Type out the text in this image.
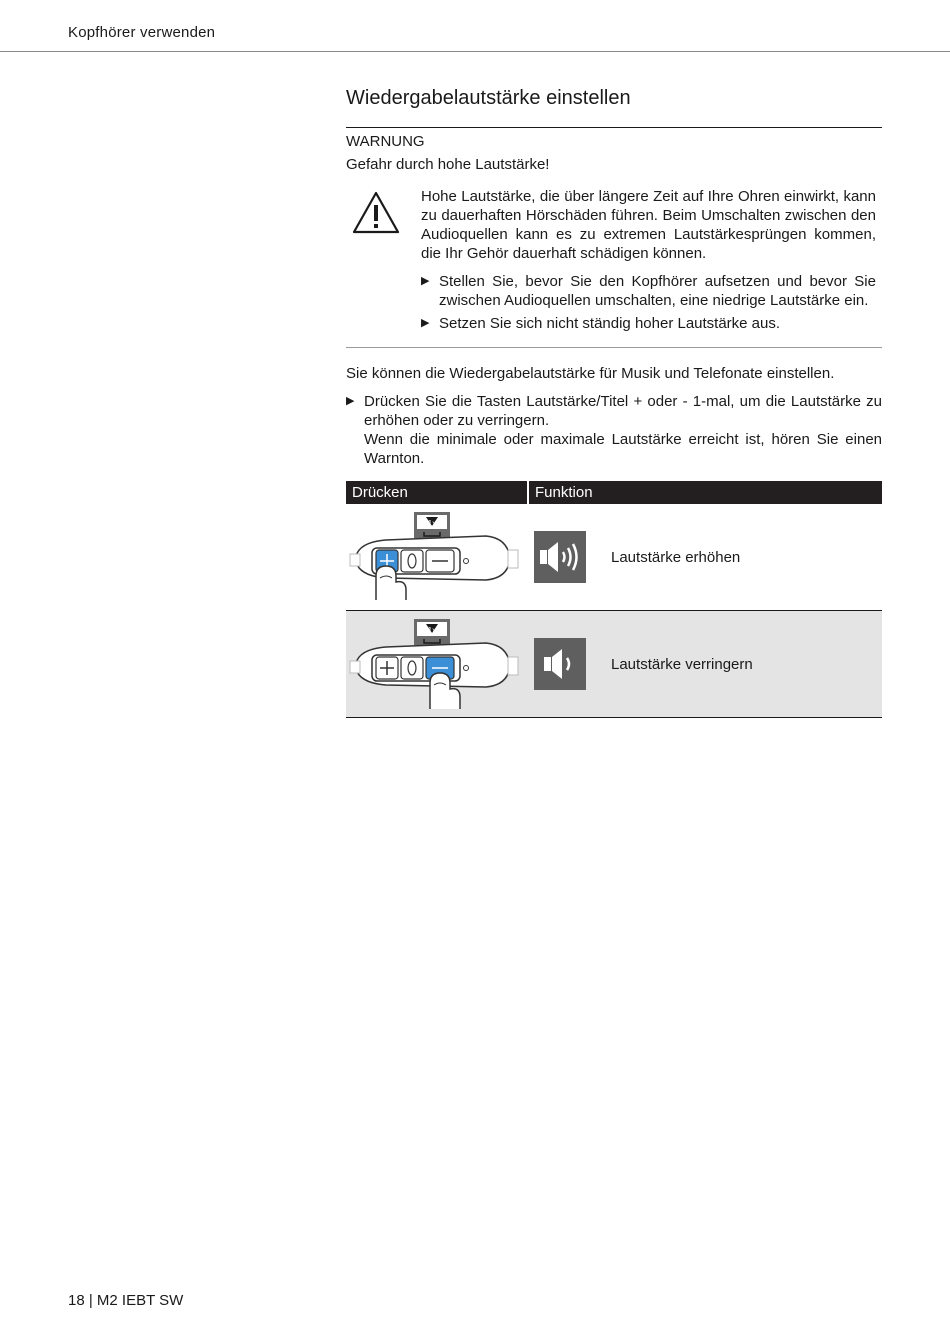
Kopfhörer verwenden
Wiedergabelautstärke einstellen
WARNUNG
Gefahr durch hohe Lautstärke!

Hohe Lautstärke, die über längere Zeit auf Ihre Ohren einwirkt, kann zu dauerhaften Hörschäden führen. Beim Umschalten zwischen den Audioquellen kann es zu extremen Lautstärkesprüngen kommen, die Ihr Gehör dauerhaft schädigen können.

▶ Stellen Sie, bevor Sie den Kopfhörer aufsetzen und bevor Sie zwischen Audioquellen umschalten, eine niedrige Lautstärke ein.
▶ Setzen Sie sich nicht ständig hoher Lautstärke aus.
Sie können die Wiedergabelautstärke für Musik und Telefonate einstellen.
▶ Drücken Sie die Tasten Lautstärke/Titel + oder - 1-mal, um die Lautstärke zu erhöhen oder zu verringern.
Wenn die minimale oder maximale Lautstärke erreicht ist, hören Sie einen Warnton.
Drücken	Funktion

1x	Lautstärke erhöhen

1x	Lautstärke verringern
18 | M2 IEBT SW
